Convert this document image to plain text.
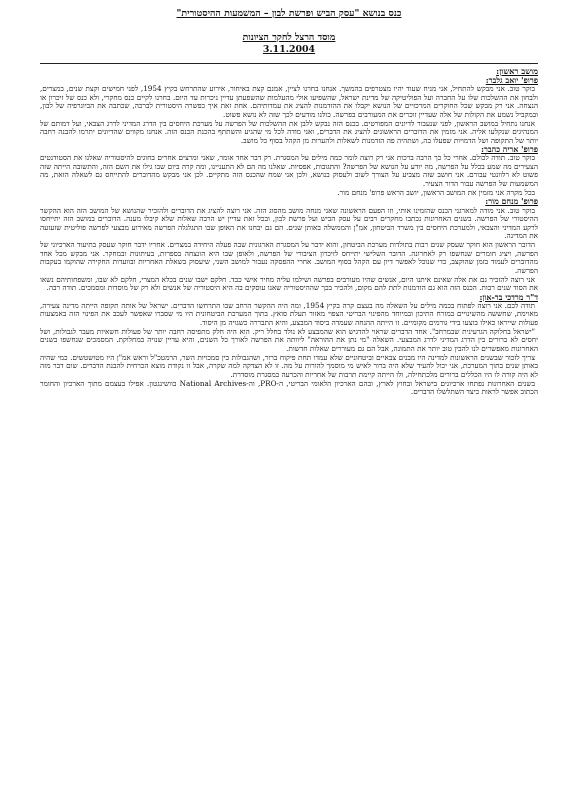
כנס בנושא "עסק הביש ופרשת לבון – המשמעות ההיסטורית"
מוסד הרצל לחקר הציונות
3.11.2004
מושב ראשון:
פרופ' יואב גלבר:

בוקר טוב. אני מבקש להתחיל, אני מניח שעוד יהיו מצטרפים בהמשך. אנחנו בחרנו לציין, אמנם קצת באיחור, אירוע שהתרחש בקיץ 1954, לפני חמישים וקצת שנים, במצרים, ולבחון את ההשלכות שלו על החברה ועל הפוליטיקה של מדינת ישראל, שהשפיעו אולי מהעלמות שהשפעתן עדיין ניכרות עד היום. בחרנו לקיים כנס מחקרי, ולא כנס של זיכרון או הנצחה. אני רק מבקש שכל החוקרים המרכזיים של הנושא יקבלו את ההזדמנות להציג את עמדותיהם. אחת זאת איך כפשרה היסטורית לברכה, שכתבה את הביוגרפיה של לבון, ובמקביל נשמע את הקולות של אלה שעדיין זוכרים את המעורבים בפרשה. כולנו מודעים לכך שזה לא נושא פשוט.

אנחנו נתחיל במושב הראשון, לפני שנעבור לדיונים המפורטים. בכנס הזה נבקש ללבן את ההשלכות של הפרשה על מערכת היחסים בין הדרג המדיני לדרג הצבאי, ועל דמותם של המנהיגים שנקלעו אליה. אני מזמין את הדוברים הראשונים להציג את הדברים, ואני מודה לכל מי שהגיע והשתתף בהכנת הכנס הזה. אנחנו מקווים שהדיונים יתרמו להבנה רחבה יותר של התקופה ושל הדמויות שפעלו בה, ושתהיה פה הזדמנות לשאלות ולהערות מן הקהל בסוף כל מושב.

פרופ' אריה כהבר:

בוקר טוב. תודה לכולם. אחרי כל כך הרבה ברכות אני רק רוצה לומר כמה מילים על המסגרת. רק דבר אחד אומר, שאני ומרצים אחרים בחוגים להיסטוריה שאלנו את הסטודנטים הצעירים מה שמע בכלל על הפרשה, מה יודע על הנושא של הפרשה? והתגובות, אפסיות. שאלנו מה הם לא התעניינו, ומה קרה ביום שבו גילו את השם הזה, והתשובה הייתה שזה פשוט לא רלוונטי עבורם. אני חושב שזה מצביע על הצורך לשוב ולעסוק בנושא, ולכן אני שמח שהכנס הזה מתקיים. לכן אני מבקש מהדוברים להתייחס גם לשאלה הזאת, מה המשמעות של הפרשה עבור הדור הצעיר.

בכל מקרה אני מזמין את המושב הראשון, יושב הראש פרופ' מנחם מור.

פרופ' מנחם מור:

בוקר טוב. אני מודה למארגני הכנס שהזמינו אותי, וזו הפעם הראשונה שאני מנחה מושב מהסוג הזה. אני רוצה להציג את הדוברים ולהזכיר שהנושא של המושב הזה הוא ההקשר ההיסטורי של הפרשה. בשנים האחרונות נכתבו מחקרים רבים על עסק הביש ועל פרשת לבון, ובכל זאת עדיין יש הרבה שאלות שלא קיבלו מענה. הדוברים במושב הזה יתייחסו לרקע המדיני והצבאי, ולמערכת היחסים בין משרד הביטחון, אמ"ן והממשלה באותן שנים. הם גם יבחנו את האופן שבו התגלגלה הפרשה מאירוע מבצעי לפרשה פוליטית שזעזעה את המדינה.

הדובר הראשון הוא חוקר שעסק שנים רבות בתולדות מערכת הביטחון, והוא ידבר על המסגרת הארגונית שבה פעלה היחידה במצרים. אחריו ידבר חוקר שעסק בתיעוד הארכיוני של הפרשה, ויציג חומרים שנחשפו רק לאחרונה. הדובר השלישי יתייחס לזיכרון הציבורי של הפרשה, ולאופן שבו היא הונצחה בספרות, בעיתונות ובמחקר. אני מבקש מכל אחד מהדוברים לעמוד בזמן שהוקצב, כדי שנוכל לאפשר דיון עם הקהל בסוף המושב. אחרי ההפסקה נעבור למושב השני, שיעסוק בשאלת האחריות ובוועדות החקירה שהוקמו בעקבות הפרשה.

אני רוצה להזכיר גם את אלה שאינם איתנו היום, אנשים שהיו מעורבים בפרשה ושילמו עליה מחיר אישי כבד. חלקם ישבו שנים בכלא המצרי, חלקם לא שבו, ומשפחותיהם נשאו את הסוד שנים רבות. הכנס הזה הוא גם הזדמנות לתת להם מקום, ולהכיר בכך שההיסטוריה שאנו עוסקים בה היא היסטוריה של אנשים ולא רק של מוסדות ומסמכים. תודה רבה.

ד"ר מרדכי בר-און:

תודה לכם. אני רוצה לפתוח בכמה מילים על השאלה מה בעצם קרה בקיץ 1954, ומה היה ההקשר הרחב שבו התרחשו הדברים. ישראל של אותה תקופה הייתה מדינה צעירה, מאוימת, שחששה מהשינויים במזרח התיכון ובמיוחד מהפינוי הבריטי הצפוי מאזור תעלת סואץ. בתוך המערכת הביטחונית היו מי שסברו שאפשר לעכב את הפינוי הזה באמצעות פעולות שייראו כאילו בוצעו בידי גורמים מקומיים. זו הייתה ההנחה שעמדה ביסוד המבצע, והיא התבררה כשגויה מן היסוד.

"ישראל בחלוקה הגרעינית שבמרחב". אחד הדברים שראוי להדגיש הוא שהמבצע לא נולד בחלל ריק. הוא היה חלק מתפיסה רחבה יותר של פעולות חשאיות מעבר לגבולות, ושל יחסים לא ברורים בין הדרג המדיני לדרג המבצעי. השאלה "מי נתן את ההוראה" ליוותה את הפרשה לאורך כל השנים, והיא עדיין שנויה במחלוקת. המסמכים שנחשפו בשנים האחרונות מאפשרים לנו להבין טוב יותר את התמונה, אבל הם גם מעוררים שאלות חדשות.

צריך לזכור שבשנים הראשונות למדינה היו מבנים צבאיים וביטחוניים שלא עמדו תחת פיקוח ברור, ושהגבולות בין סמכויות השר, הרמטכ"ל וראש אמ"ן היו מטושטשים. כמי שהיה באותן שנים בתוך המערכת, אני יכול להעיד שלא היה ברור לאיש מי מוסמך להורות על מה. זו לא הצדקה למה שקרה, אבל זו נקודת מוצא הכרחית להבנת הדברים. שום דבר מזה לא היה קורה לו היו הכללים ברורים מלכתחילה, ולו הייתה קיימת תרבות של אחריות והכרעה במסגרת מוסדרת.

בשנים האחרונות נפתחו ארכיונים בישראל ובחוץ לארץ, ובהם הארכיון הלאומי הבריטי, ה-PRO, וה-National Archives בוושינגטון. אפילו בעצמם מתוך הארכיון והחומר הכתוב אפשר לראות כיצד השתלשלו הדברים.
